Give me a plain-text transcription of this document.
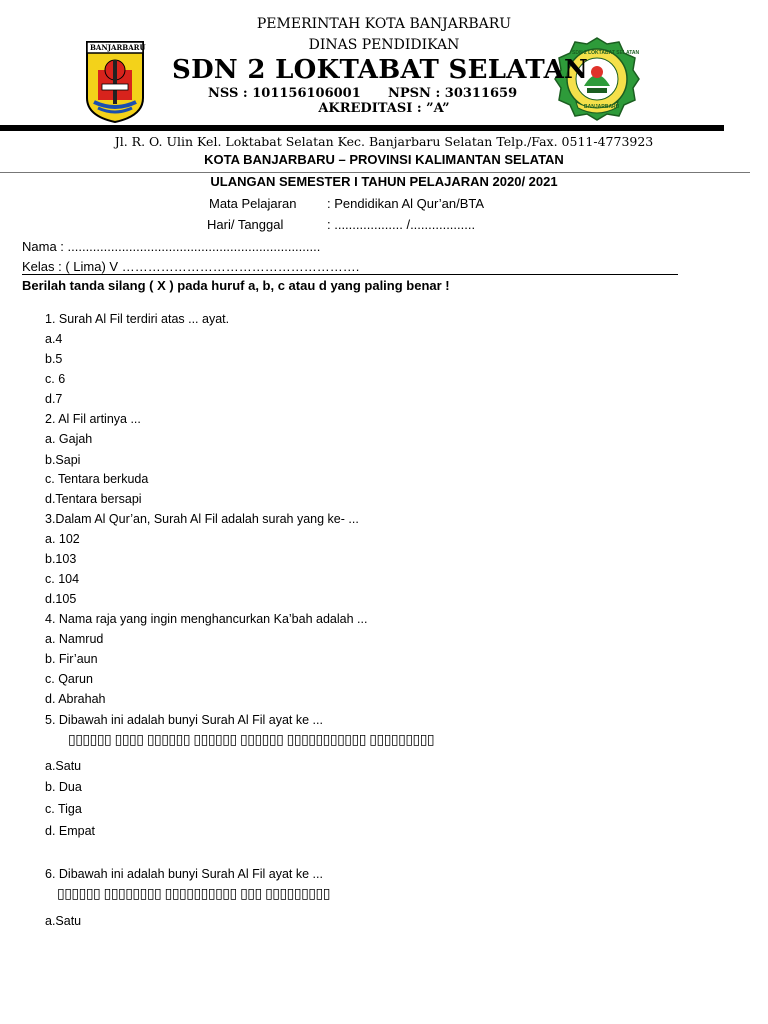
BANJARBARU
SDN 2 LOKTABAT SELATAN
BANJARBARU
PEMERINTAH KOTA BANJARBARU
DINAS PENDIDIKAN
SDN 2 LOKTABAT SELATAN
NSS : 101156106001 NPSN : 30311659
AKREDITASI : ”A”
Jl. R. O. Ulin Kel. Loktabat Selatan Kec. Banjarbaru Selatan Telp./Fax. 0511-4773923
KOTA BANJARBARU – PROVINSI KALIMANTAN SELATAN
ULANGAN SEMESTER I TAHUN PELAJARAN 2020/ 2021
Mata Pelajaran : Pendidikan Al Qur’an/BTA
Hari/ Tanggal	: ................... /..................
Nama : ......................................................................
Kelas : ( Lima) V ……………………………………………….
Berilah tanda silang ( X ) pada huruf a, b, c atau d yang paling benar !
1. Surah Al Fil terdiri atas ... ayat.
a.4
b.5
c. 6
d.7
2. Al Fil artinya ...
a. Gajah
b.Sapi
c. Tentara berkuda
d.Tentara bersapi
3.Dalam Al Qur’an, Surah Al Fil adalah surah yang ke- ...
a. 102
b.103
c. 104
d.105
4. Nama raja yang ingin menghancurkan Ka’bah adalah ...
a. Namrud
b. Fir’aun
c. Qarun
d. Abrahah
5. Dibawah ini adalah bunyi Surah Al Fil ayat ke ...
▯▯▯▯▯▯ ▯▯▯▯ ▯▯▯▯▯▯ ▯▯▯▯▯▯ ▯▯▯▯▯▯ ▯▯▯▯▯▯▯▯▯▯▯ ▯▯▯▯▯▯▯▯▯
a.Satu
b. Dua
c. Tiga
d. Empat
6. Dibawah ini adalah bunyi Surah Al Fil ayat ke ...
▯▯▯▯▯▯ ▯▯▯▯▯▯▯▯ ▯▯▯▯▯▯▯▯▯▯ ▯▯▯ ▯▯▯▯▯▯▯▯▯
a.Satu
